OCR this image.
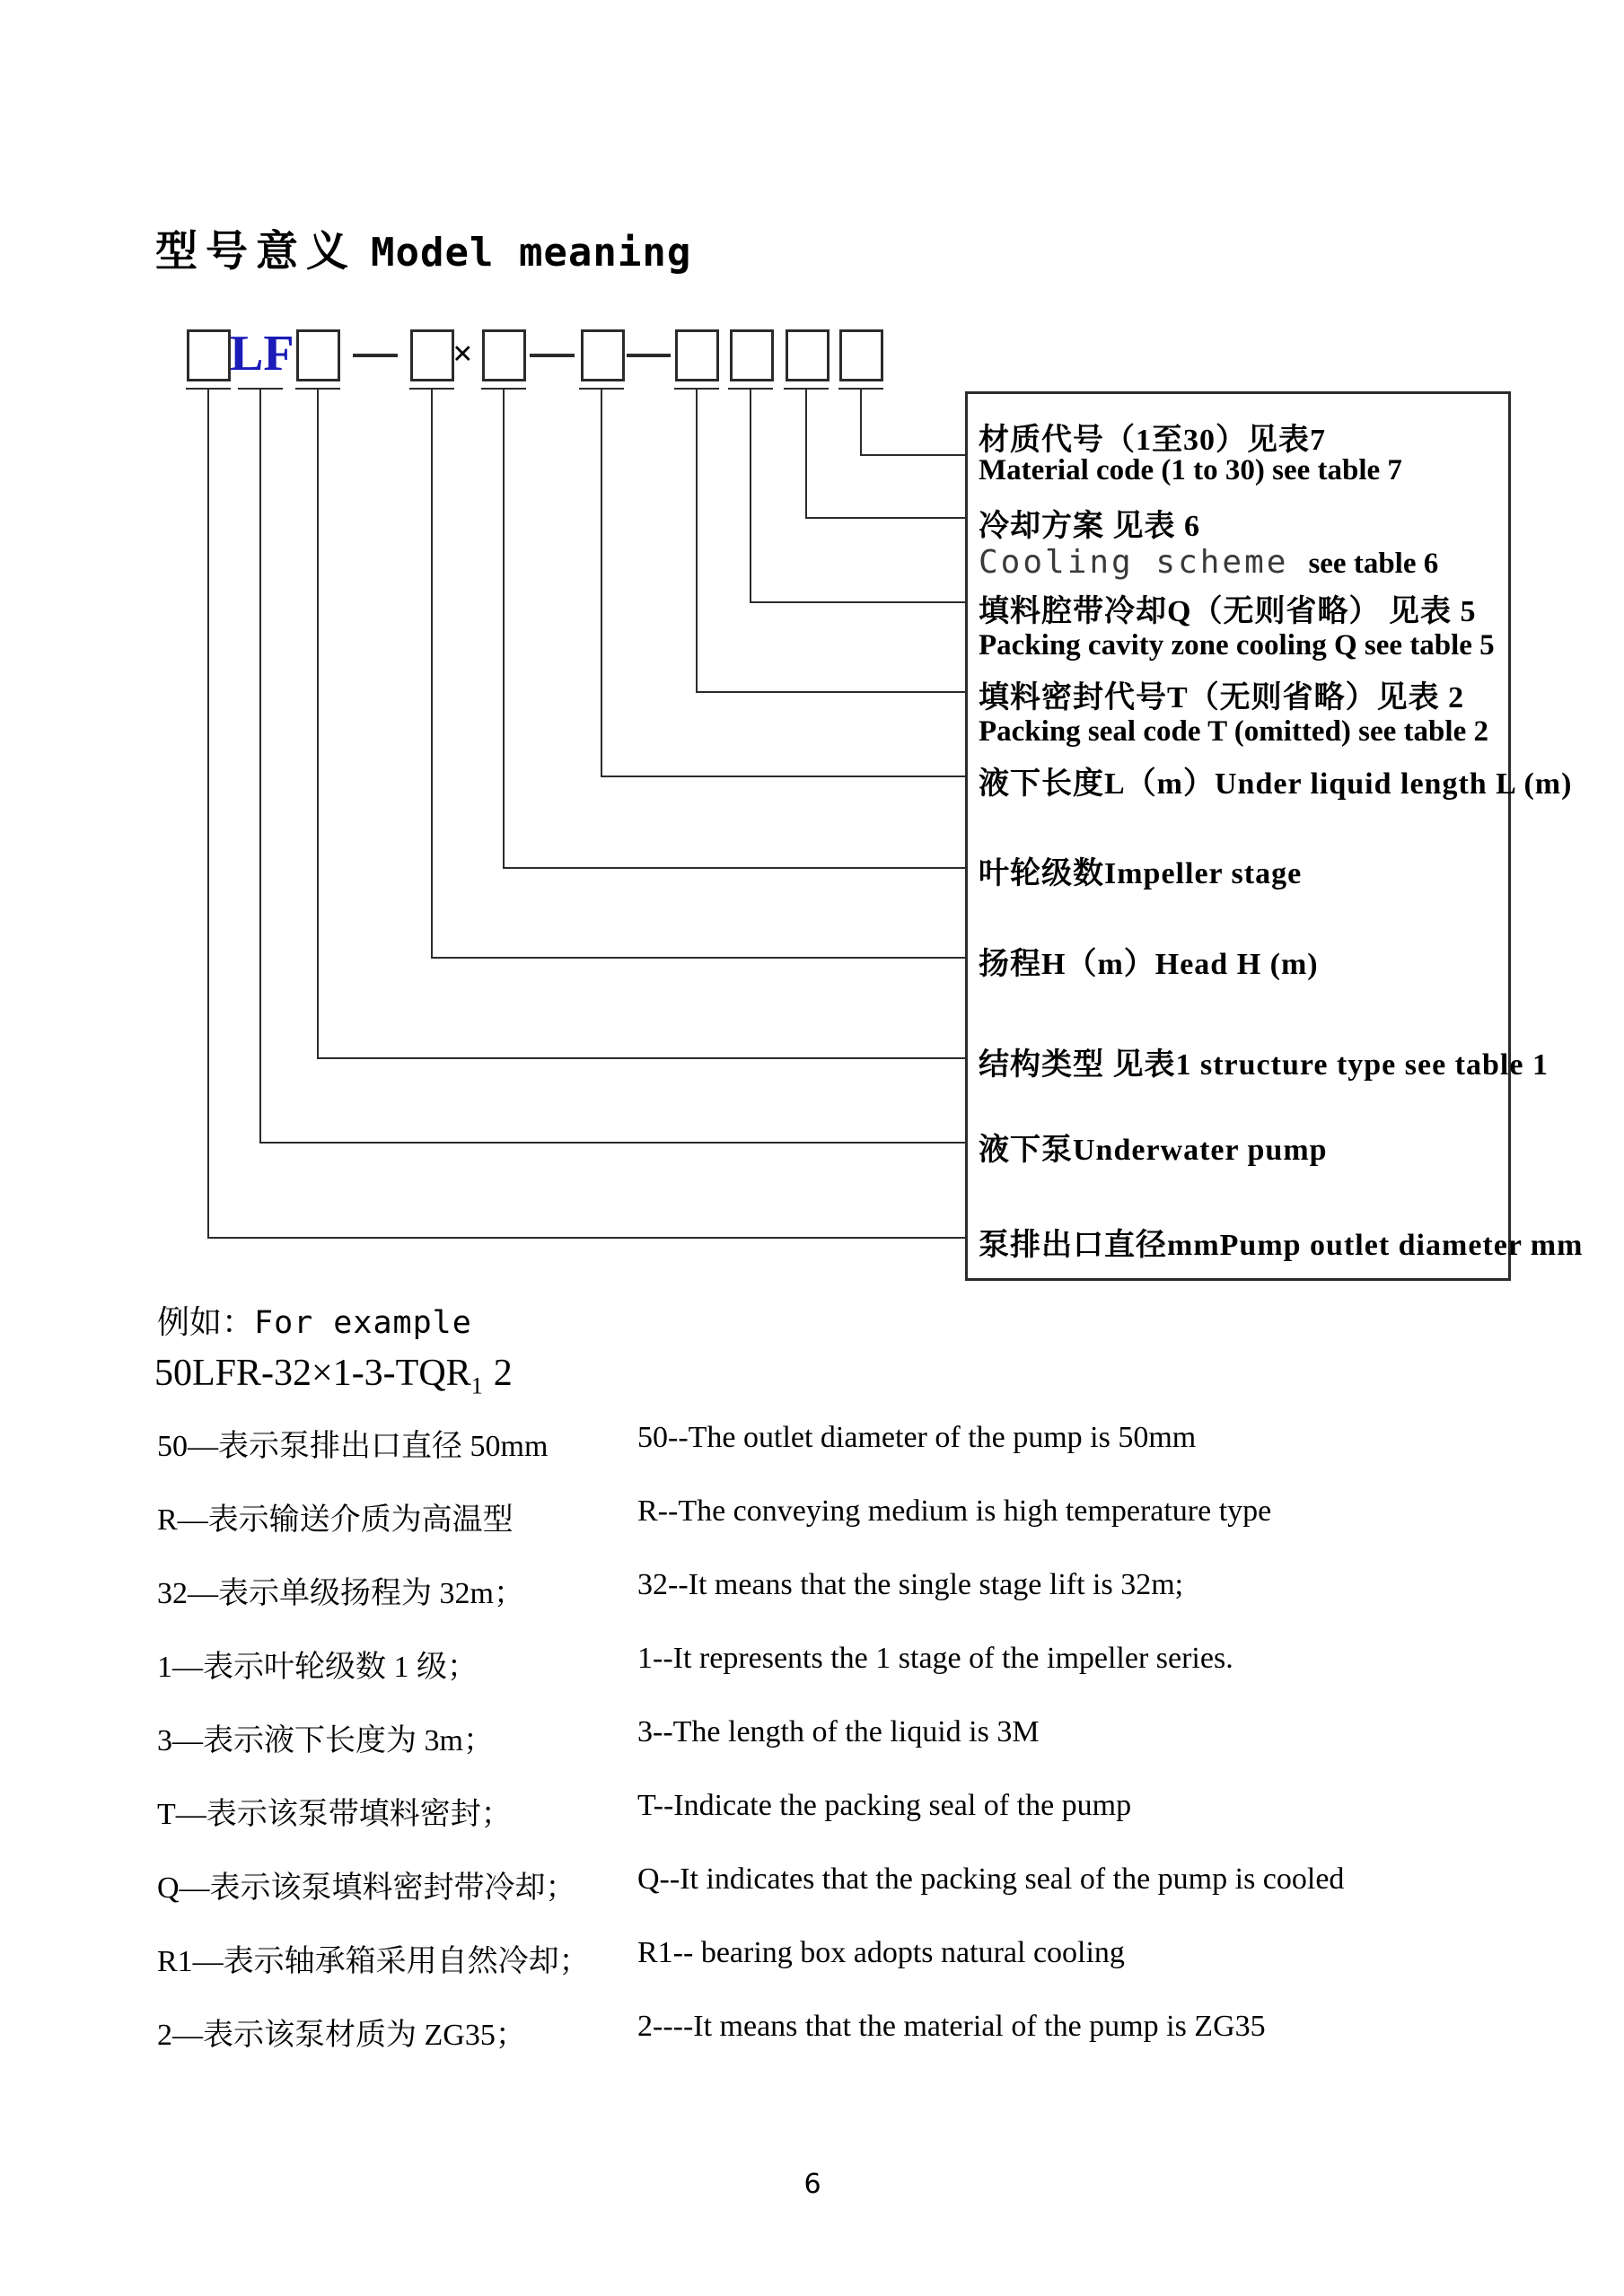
型号意义 Model meaning
LF	×
材质代号（1至30）见表7
Material code (1 to 30) see table 7
冷却方案 见表 6
Cooling scheme see table 6
填料腔带冷却Q（无则省略） 见表 5
Packing cavity zone cooling Q see table 5
填料密封代号T（无则省略）见表 2
Packing seal code T (omitted) see table 2
液下长度L（m）Under liquid length L (m)
叶轮级数Impeller stage
扬程H（m）Head H (m)
结构类型 见表1 structure type see table 1
液下泵Underwater pump
泵排出口直径mmPump outlet diameter mm
例如：For example
$50LFR-32\times 1-3-TQR_1$ 2
50—表示泵排出口直径 50mm	50--The outlet diameter of the pump is 50mm
R—表示输送介质为高温型	R--The conveying medium is high temperature type
32—表示单级扬程为 32m；	32--It means that the single stage lift is 32m;
1—表示叶轮级数 1 级；	1--It represents the 1 stage of the impeller series.
3—表示液下长度为 3m；	3--The length of the liquid is 3M
T—表示该泵带填料密封；	T--Indicate the packing seal of the pump
Q—表示该泵填料密封带冷却； Q--It indicates that the packing seal of the pump is cooled
R1—表示轴承箱采用自然冷却； R1-- bearing box adopts natural cooling
2—表示该泵材质为 ZG35；	2----It means that the material of the pump is ZG35
6
